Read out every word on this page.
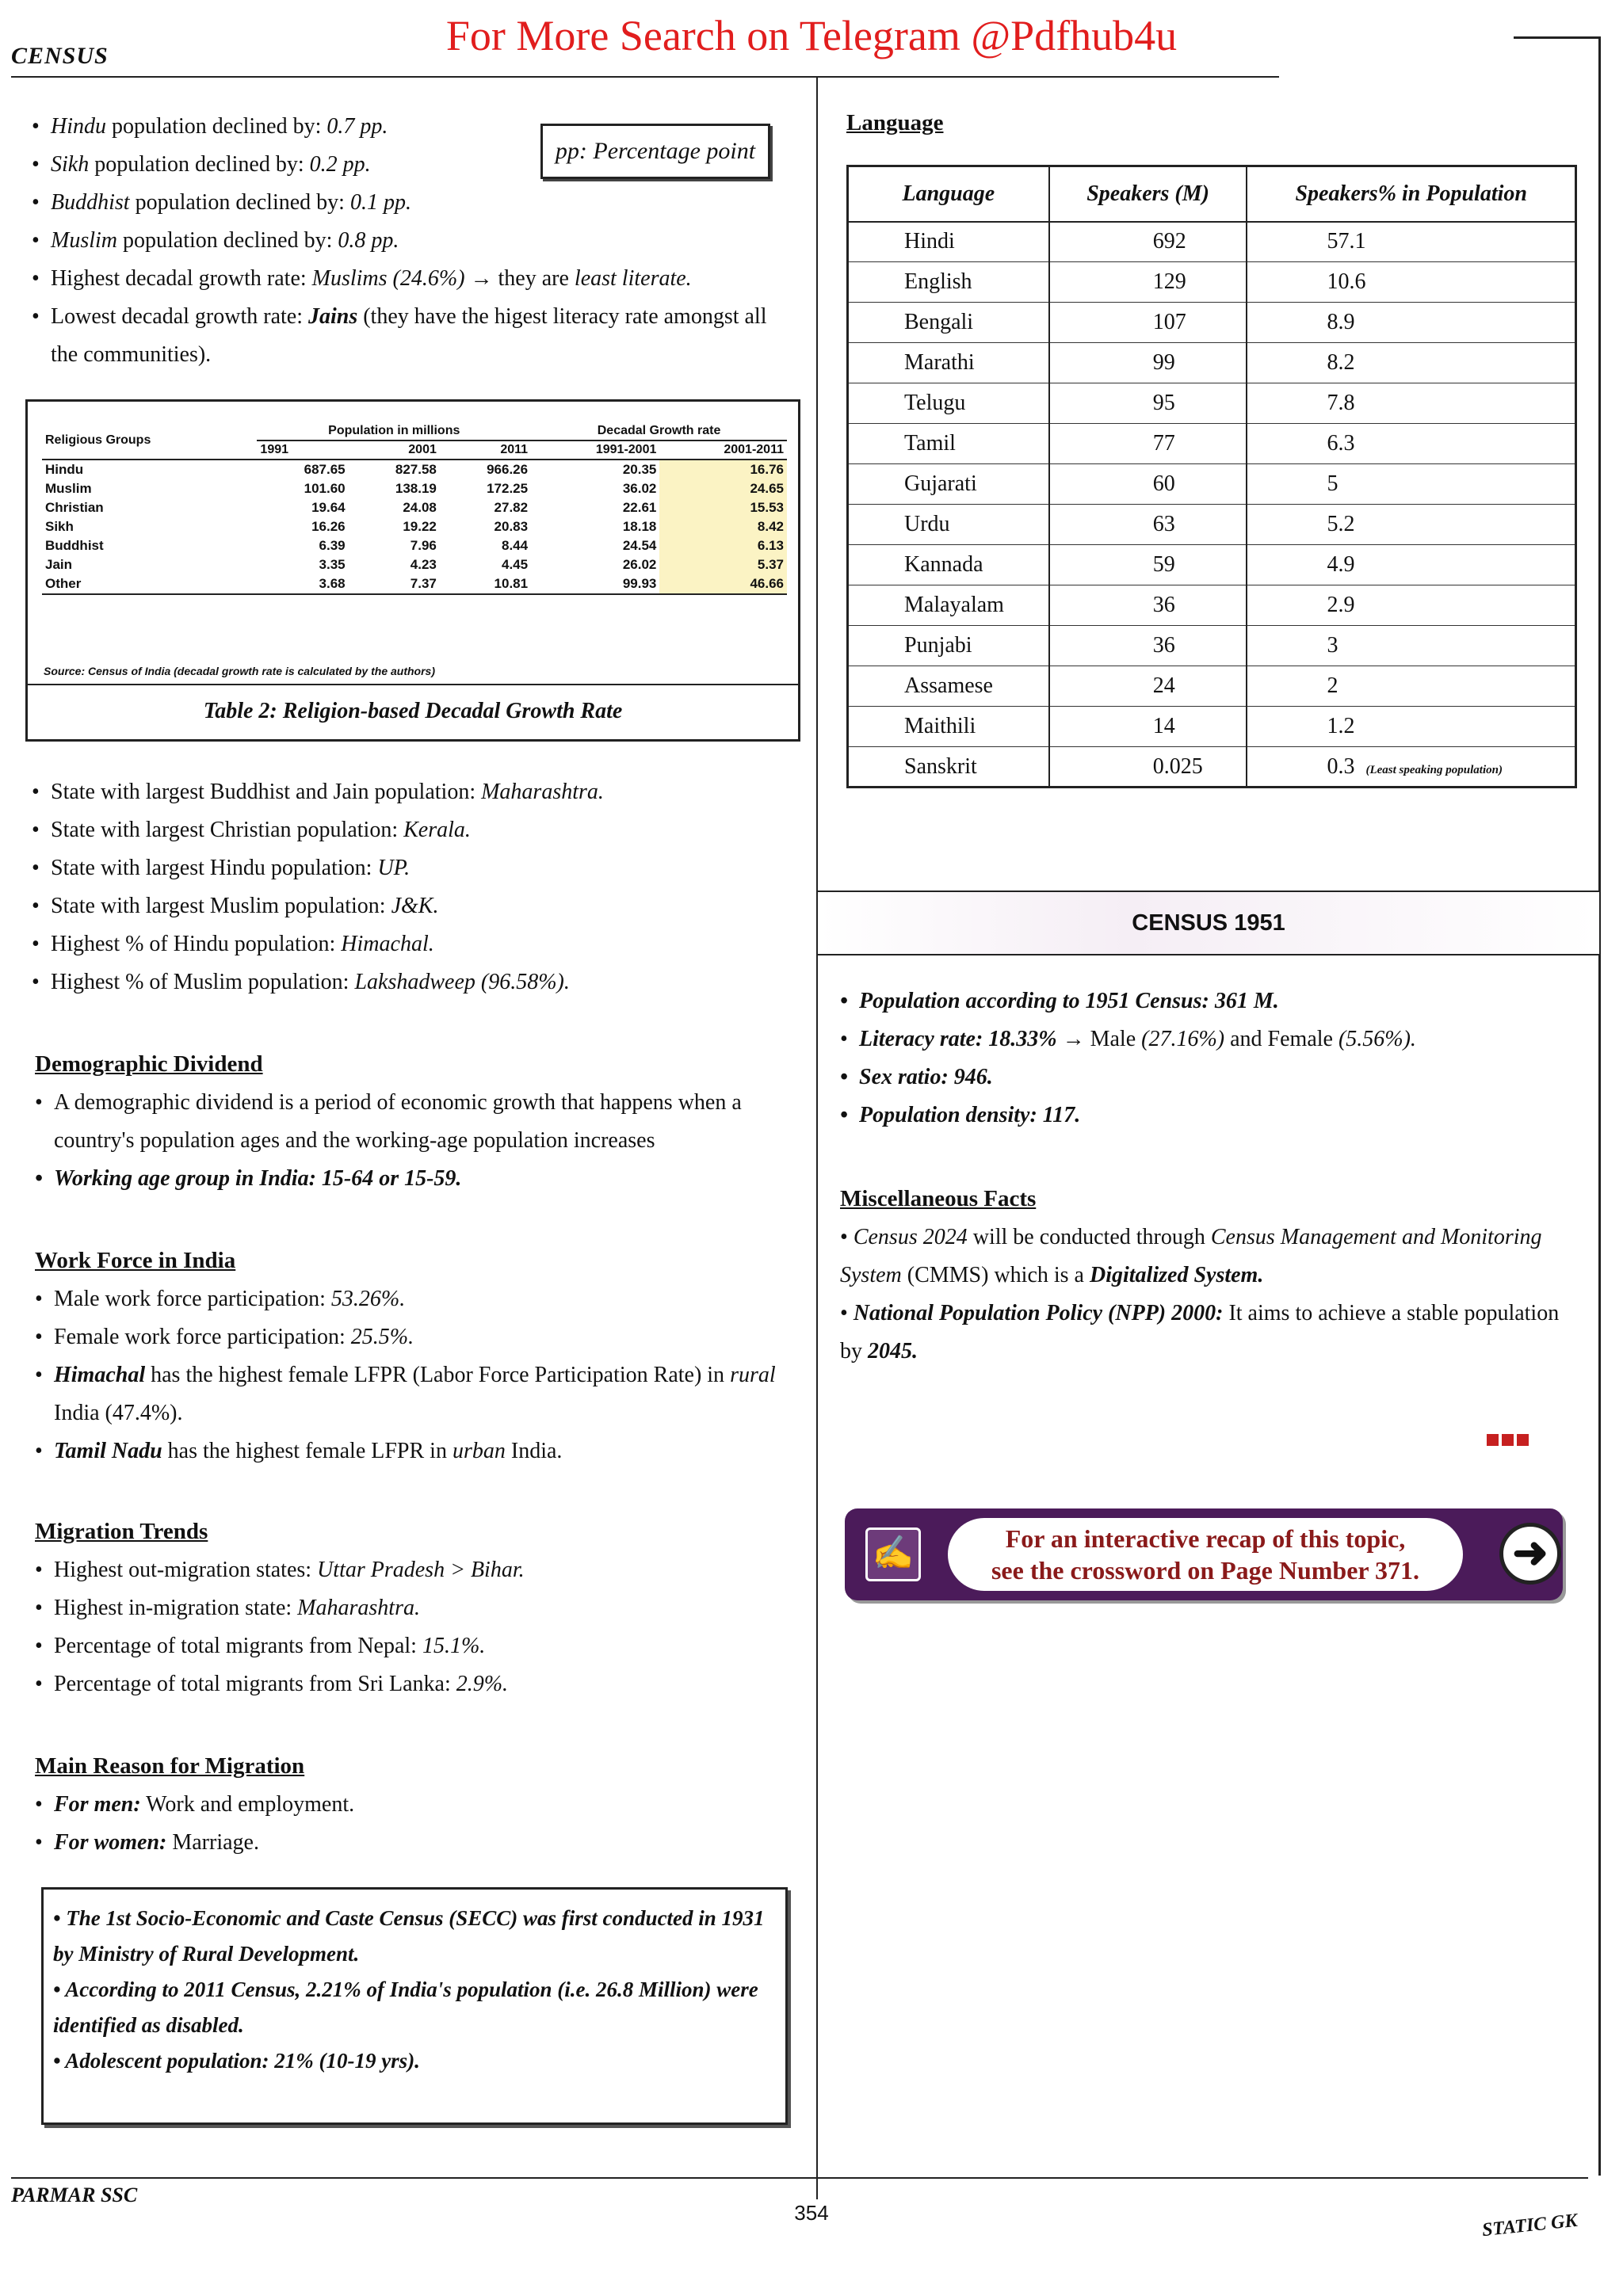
For More Search on Telegram @Pdfhub4u
CENSUS
• Hindu population declined by: 0.7 pp.
• Sikh population declined by: 0.2 pp.
• Buddhist population declined by: 0.1 pp.
• Muslim population declined by: 0.8 pp.
pp: Percentage point
• Highest decadal growth rate: Muslims (24.6%) → they are least literate.
• Lowest decadal growth rate: Jains (they have the higest literacy rate amongst all the communities).
Religious Groups	Population in millions			Decadal Growth rate	
	1991	2001	2011	1991-2001	2001-2011
Hindu	687.65	827.58	966.26	20.35	16.76
Muslim	101.60	138.19	172.25	36.02	24.65
Christian	19.64	24.08	27.82	22.61	15.53
Sikh	16.26	19.22	20.83	18.18	8.42
Buddhist	6.39	7.96	8.44	24.54	6.13
Jain	3.35	4.23	4.45	26.02	5.37
Other	3.68	7.37	10.81	99.93	46.66
Source: Census of India (decadal growth rate is calculated by the authors)
Table 2: Religion-based Decadal Growth Rate
• State with largest Buddhist and Jain population: Maharashtra.
• State with largest Christian population: Kerala.
• State with largest Hindu population: UP.
• State with largest Muslim population: J&K.
• Highest % of Hindu population: Himachal.
• Highest % of Muslim population: Lakshadweep (96.58%).
Demographic Dividend
• A demographic dividend is a period of economic growth that happens when a country's population ages and the working-age population increases
• Working age group in India: 15-64 or 15-59.
Work Force in India
• Male work force participation: 53.26%.
• Female work force participation: 25.5%.
• Himachal has the highest female LFPR (Labor Force Participation Rate) in rural India (47.4%).
• Tamil Nadu has the highest female LFPR in urban India.
Migration Trends
• Highest out-migration states: Uttar Pradesh > Bihar.
• Highest in-migration state: Maharashtra.
• Percentage of total migrants from Nepal: 15.1%.
• Percentage of total migrants from Sri Lanka: 2.9%.
Main Reason for Migration
• For men: Work and employment.
• For women: Marriage.
• The 1st Socio-Economic and Caste Census (SECC) was first conducted in 1931 by Ministry of Rural Development.
• According to 2011 Census, 2.21% of India's population (i.e. 26.8 Million) were identified as disabled.
• Adolescent population: 21% (10-19 yrs).
Language
Language	Speakers (M)	Speakers% in Population
Hindi	692	57.1
English	129	10.6
Bengali	107	8.9
Marathi	99	8.2
Telugu	95	7.8
Tamil	77	6.3
Gujarati	60	5
Urdu	63	5.2
Kannada	59	4.9
Malayalam	36	2.9
Punjabi	36	3
Assamese	24	2
Maithili	14	1.2
Sanskrit	0.025	0.3 (Least speaking population)
CENSUS 1951
• Population according to 1951 Census: 361 M.
• Literacy rate: 18.33% → Male (27.16%) and Female (5.56%).
• Sex ratio: 946.
• Population density: 117.
Miscellaneous Facts
• Census 2024 will be conducted through Census Management and Monitoring System (CMMS) which is a Digitalized System.
• National Population Policy (NPP) 2000: It aims to achieve a stable population by 2045.
✍	For an interactive recap of this topic,
see the crossword on Page Number 371.	➜
PARMAR SSC
354	STATIC GK
